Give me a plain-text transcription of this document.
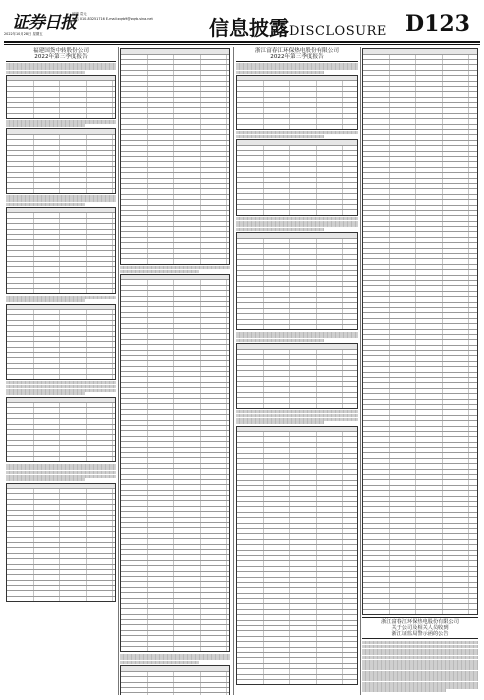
证券日报
2022年10月28日 星期五
编辑 袁元
电话 010-83251716 E-mail:zqrb9@zqrb.sina.net	信息披露DISCLOSURE D123
福建国货中转股份公司
2022年第三季度报告
浙江富春江环保热电股份有限公司
2022年第三季度报告
浙江富春江环保热电股份有限公司
关于公司及相关人员收到
浙江证监局警示函的公告
